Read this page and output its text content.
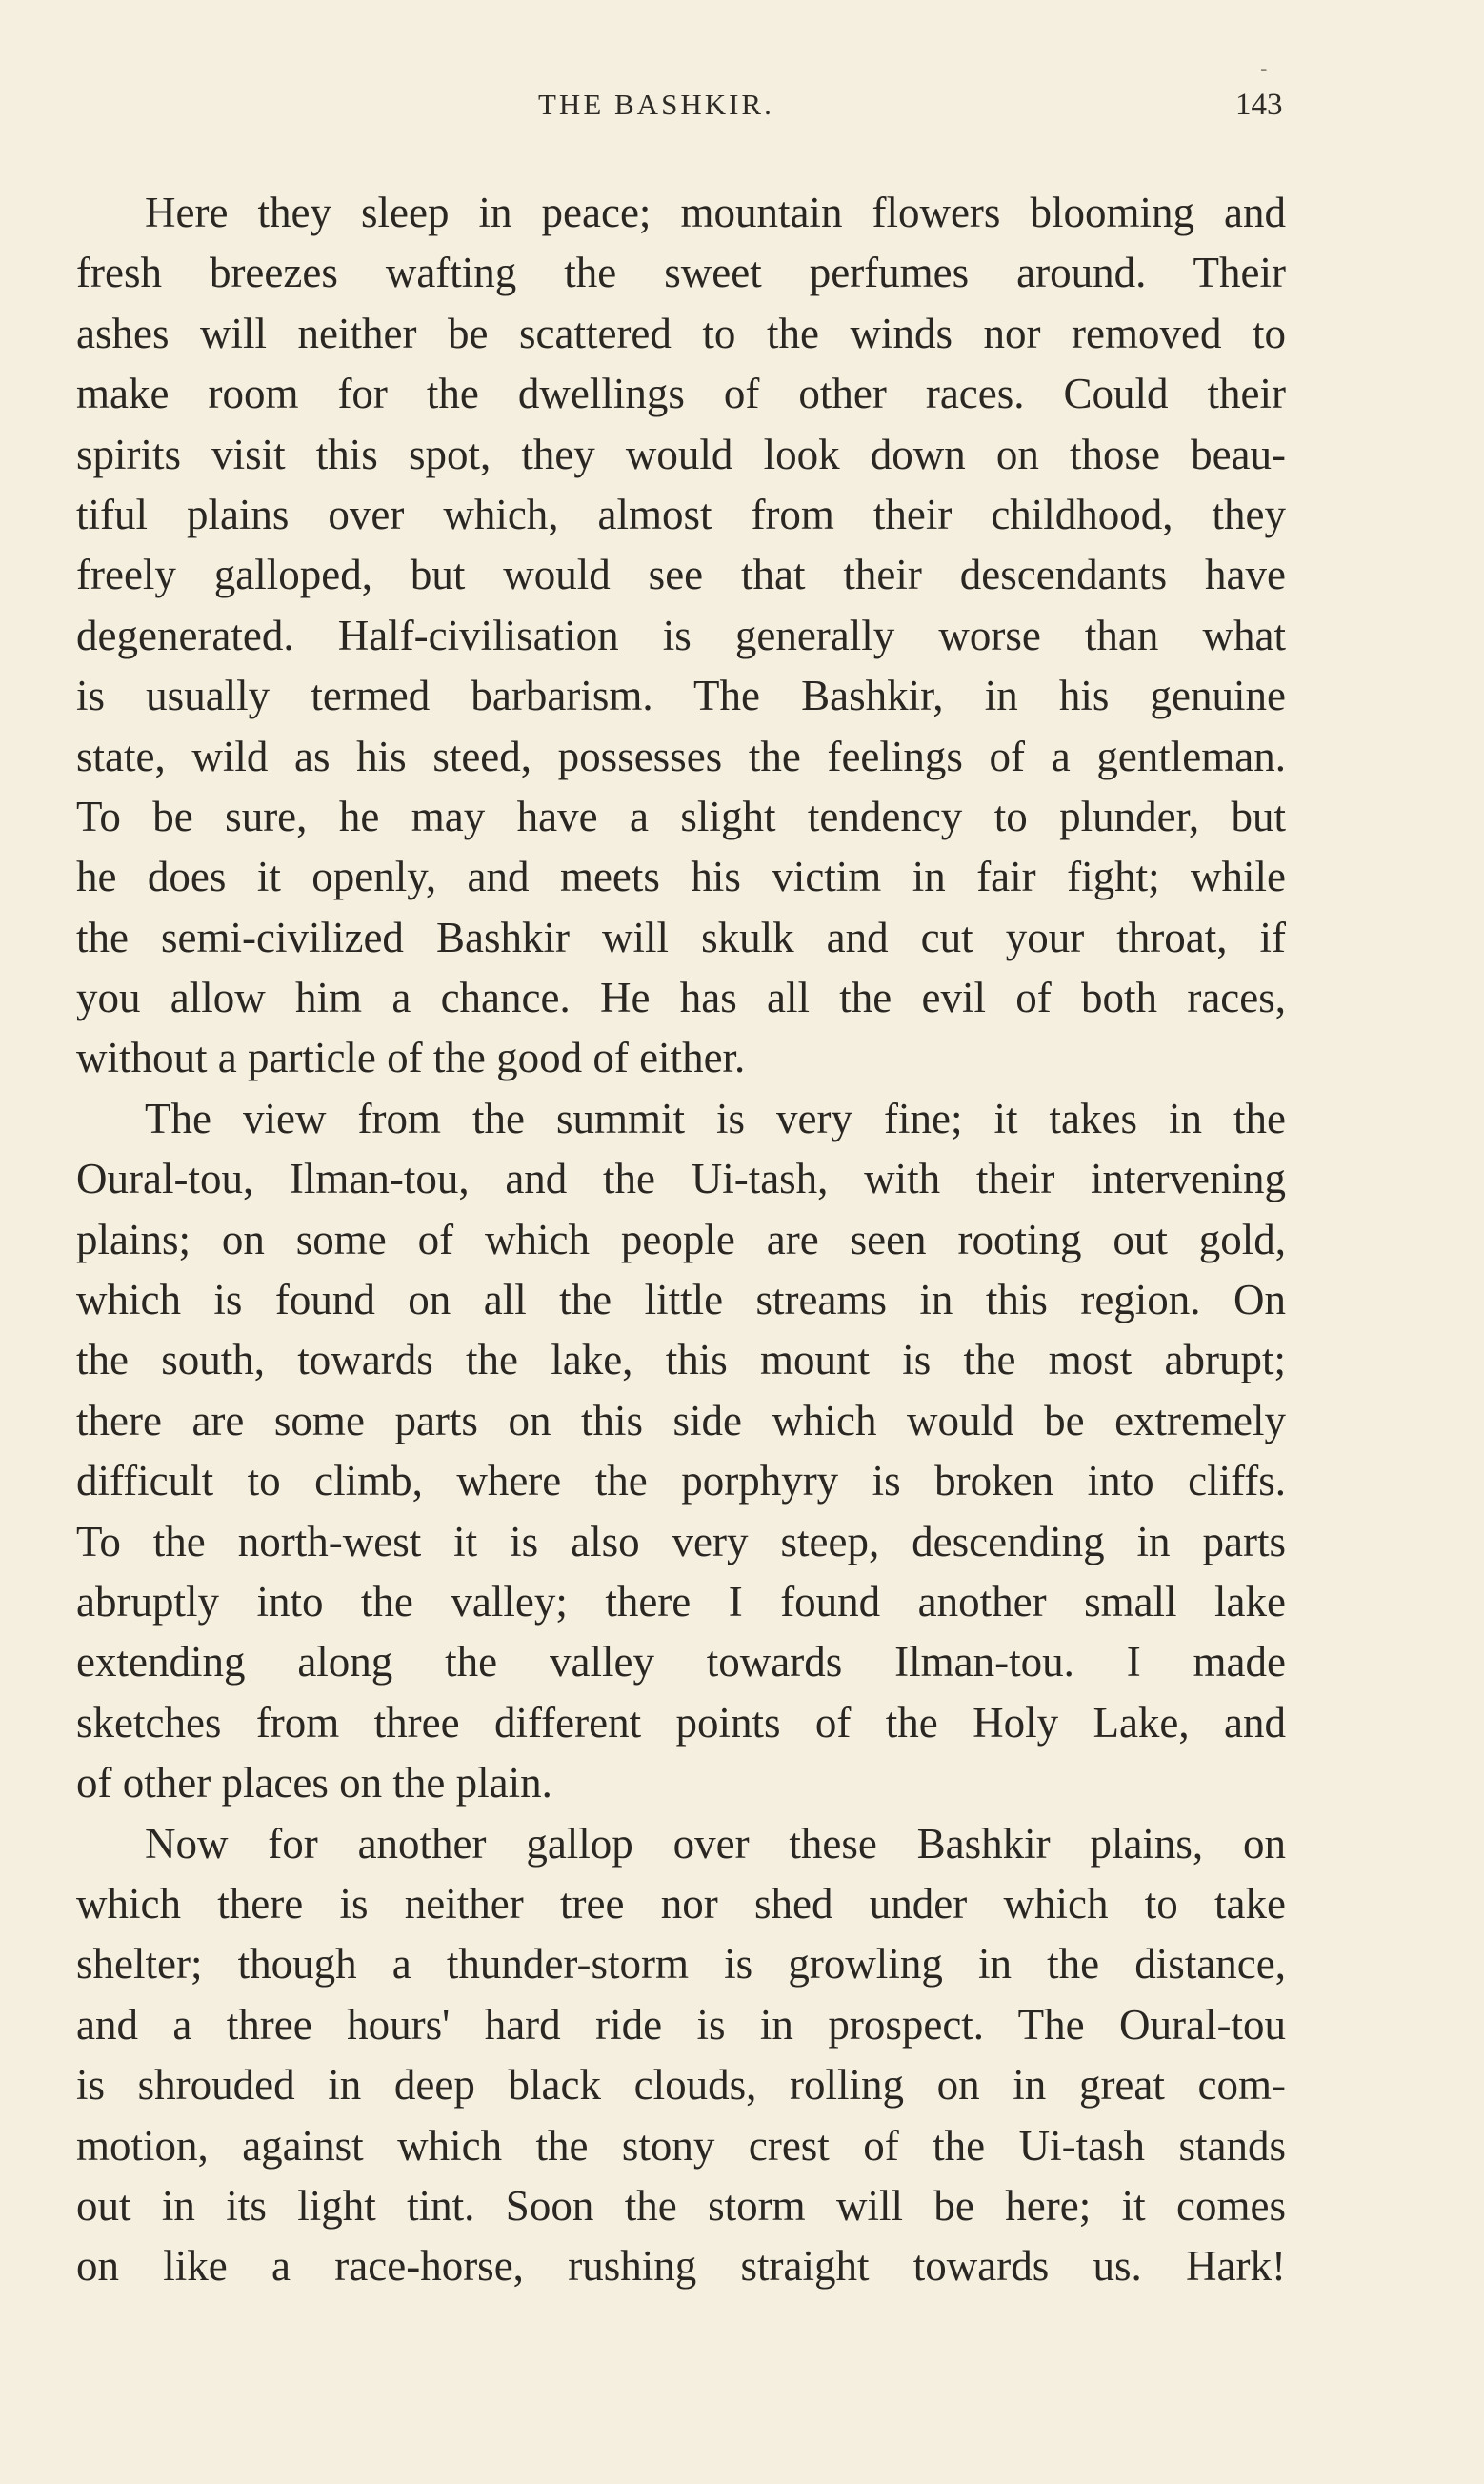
-
THE BASHKIR.	143
Here they sleep in peace; mountain flowers blooming and
fresh breezes wafting the sweet perfumes around. Their
ashes will neither be scattered to the winds nor removed to
make room for the dwellings of other races. Could their
spirits visit this spot, they would look down on those beau-
tiful plains over which, almost from their childhood, they
freely galloped, but would see that their descendants have
degenerated. Half-civilisation is generally worse than what
is usually termed barbarism. The Bashkir, in his genuine
state, wild as his steed, possesses the feelings of a gentleman.
To be sure, he may have a slight tendency to plunder, but
he does it openly, and meets his victim in fair fight; while
the semi-civilized Bashkir will skulk and cut your throat, if
you allow him a chance. He has all the evil of both races,
without a particle of the good of either.
The view from the summit is very fine; it takes in the
Oural-tou, Ilman-tou, and the Ui-tash, with their intervening
plains; on some of which people are seen rooting out gold,
which is found on all the little streams in this region. On
the south, towards the lake, this mount is the most abrupt;
there are some parts on this side which would be extremely
difficult to climb, where the porphyry is broken into cliffs.
To the north-west it is also very steep, descending in parts
abruptly into the valley; there I found another small lake
extending along the valley towards Ilman-tou. I made
sketches from three different points of the Holy Lake, and
of other places on the plain.
Now for another gallop over these Bashkir plains, on
which there is neither tree nor shed under which to take
shelter; though a thunder-storm is growling in the distance,
and a three hours' hard ride is in prospect. The Oural-tou
is shrouded in deep black clouds, rolling on in great com-
motion, against which the stony crest of the Ui-tash stands
out in its light tint. Soon the storm will be here; it comes
on like a race-horse, rushing straight towards us. Hark!
